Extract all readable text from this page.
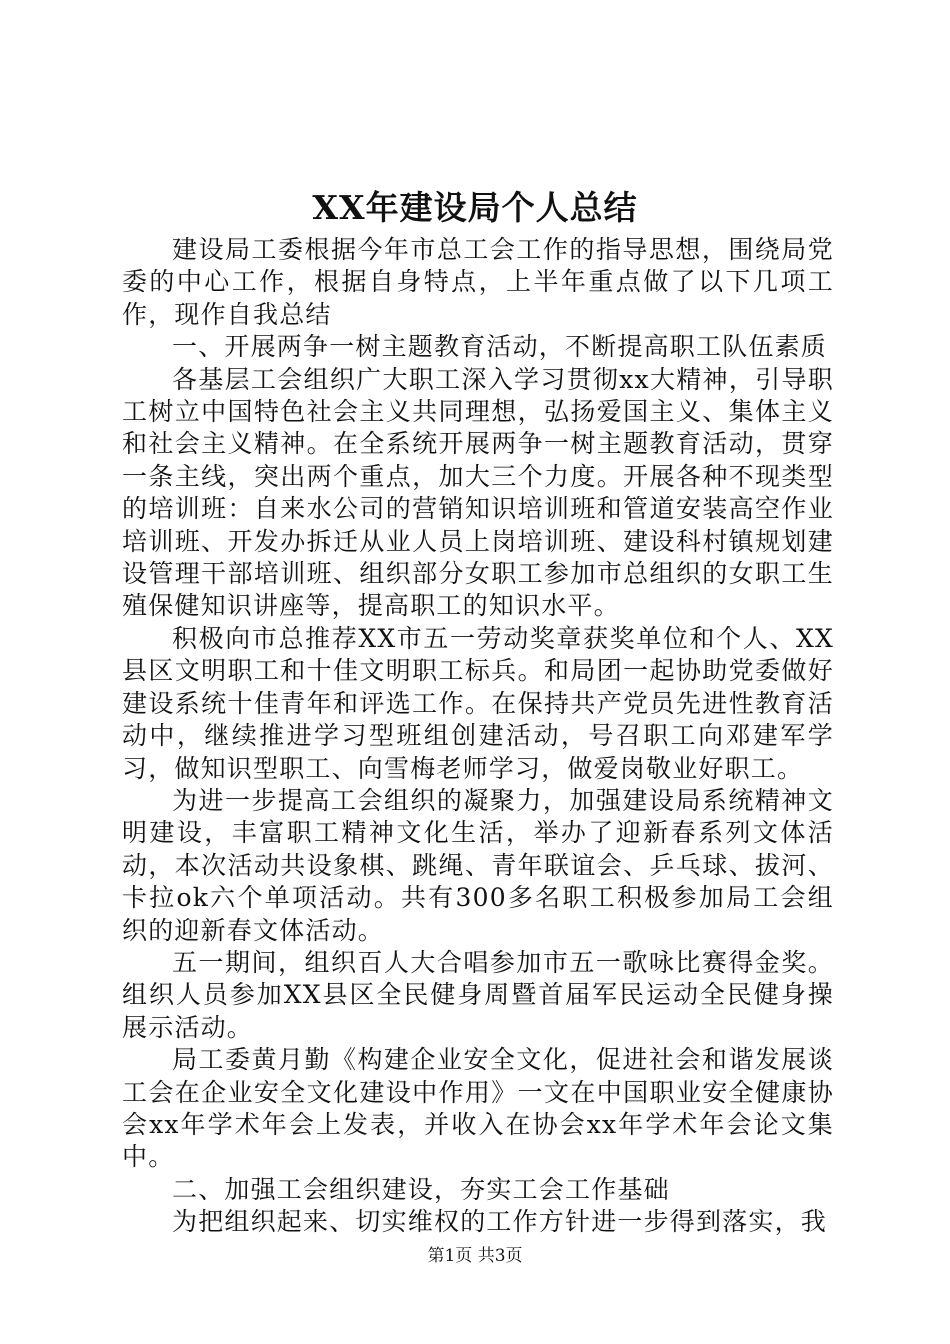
XX年建设局个人总结

建设局工委根据今年市总工会工作的指导思想，围绕局党委的中心工作，根据自身特点，上半年重点做了以下几项工作，现作自我总结

一、开展两争一树主题教育活动，不断提高职工队伍素质

各基层工会组织广大职工深入学习贯彻xx大精神，引导职工树立中国特色社会主义共同理想，弘扬爱国主义、集体主义和社会主义精神。在全系统开展两争一树主题教育活动，贯穿一条主线，突出两个重点，加大三个力度。开展各种不现类型的培训班：自来水公司的营销知识培训班和管道安装高空作业培训班、开发办拆迁从业人员上岗培训班、建设科村镇规划建设管理干部培训班、组织部分女职工参加市总组织的女职工生殖保健知识讲座等，提高职工的知识水平。

积极向市总推荐XX市五一劳动奖章获奖单位和个人、XX县区文明职工和十佳文明职工标兵。和局团一起协助党委做好建设系统十佳青年和评选工作。在保持共产党员先进性教育活动中，继续推进学习型班组创建活动，号召职工向邓建军学习，做知识型职工、向雪梅老师学习，做爱岗敬业好职工。

为进一步提高工会组织的凝聚力，加强建设局系统精神文明建设，丰富职工精神文化生活，举办了迎新春系列文体活动，本次活动共设象棋、跳绳、青年联谊会、乒乓球、拔河、卡拉ok六个单项活动。共有300多名职工积极参加局工会组织的迎新春文体活动。

五一期间，组织百人大合唱参加市五一歌咏比赛得金奖。组织人员参加XX县区全民健身周暨首届军民运动全民健身操展示活动。

局工委黄月勤《构建企业安全文化，促进社会和谐发展谈工会在企业安全文化建设中作用》一文在中国职业安全健康协会xx年学术年会上发表，并收入在协会xx年学术年会论文集中。

二、加强工会组织建设，夯实工会工作基础

为把组织起来、切实维权的工作方针进一步得到落实，我

第1页 共3页
